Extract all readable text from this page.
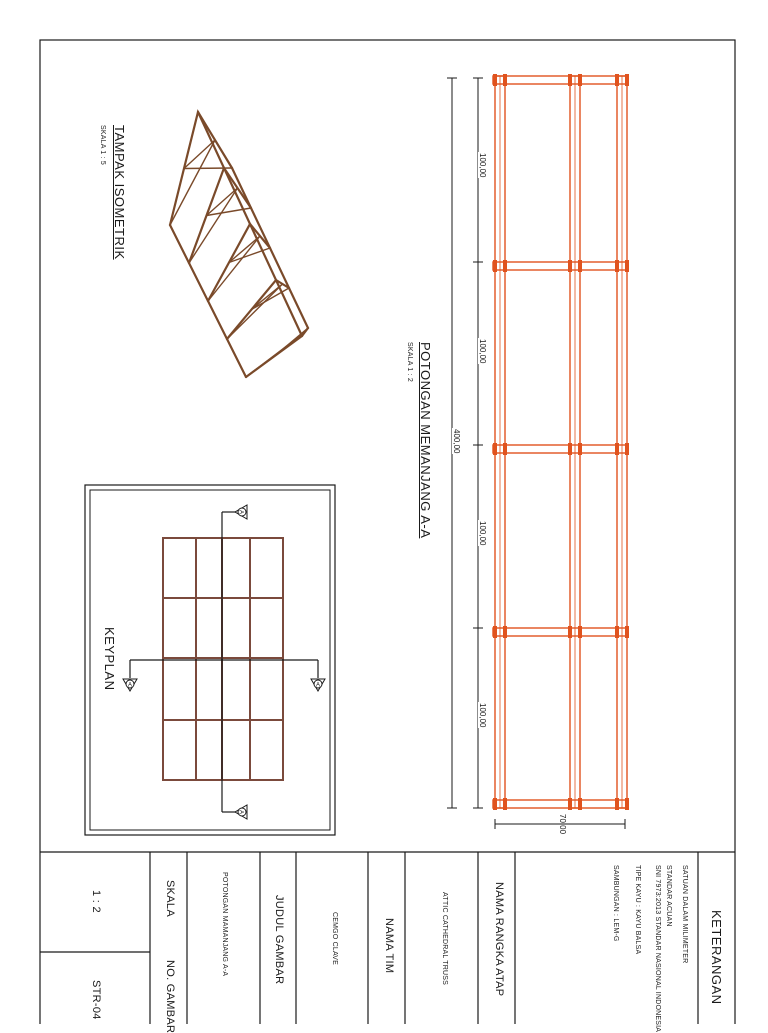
A	A
A
A
TAMPAK ISOMETRIK
SKALA 1 : 5
POTONGAN MEMANJANG A-A
SKALA 1 : 2
400,00
100,00
100,00
100,00
100,00
70,00
KEYPLAN
KETERANGAN
SATUAN DALAM MILIMETER
STANDAR ACUAN
SNI 7973:2013 STANDAR NASIONAL INDONESIA
TIPE KAYU : KAYU BALSA
SAMBUNGAN : LEM-G
NAMA RANGKA ATAP
ATTIC CATHEDRAL TRUSS
NAMA TIM
CEMGO CLAVE
JUDUL GAMBAR
POTONGAN MAMANJANG A-A
SKALA
1 : 2
NO. GAMBAR
STR-04
